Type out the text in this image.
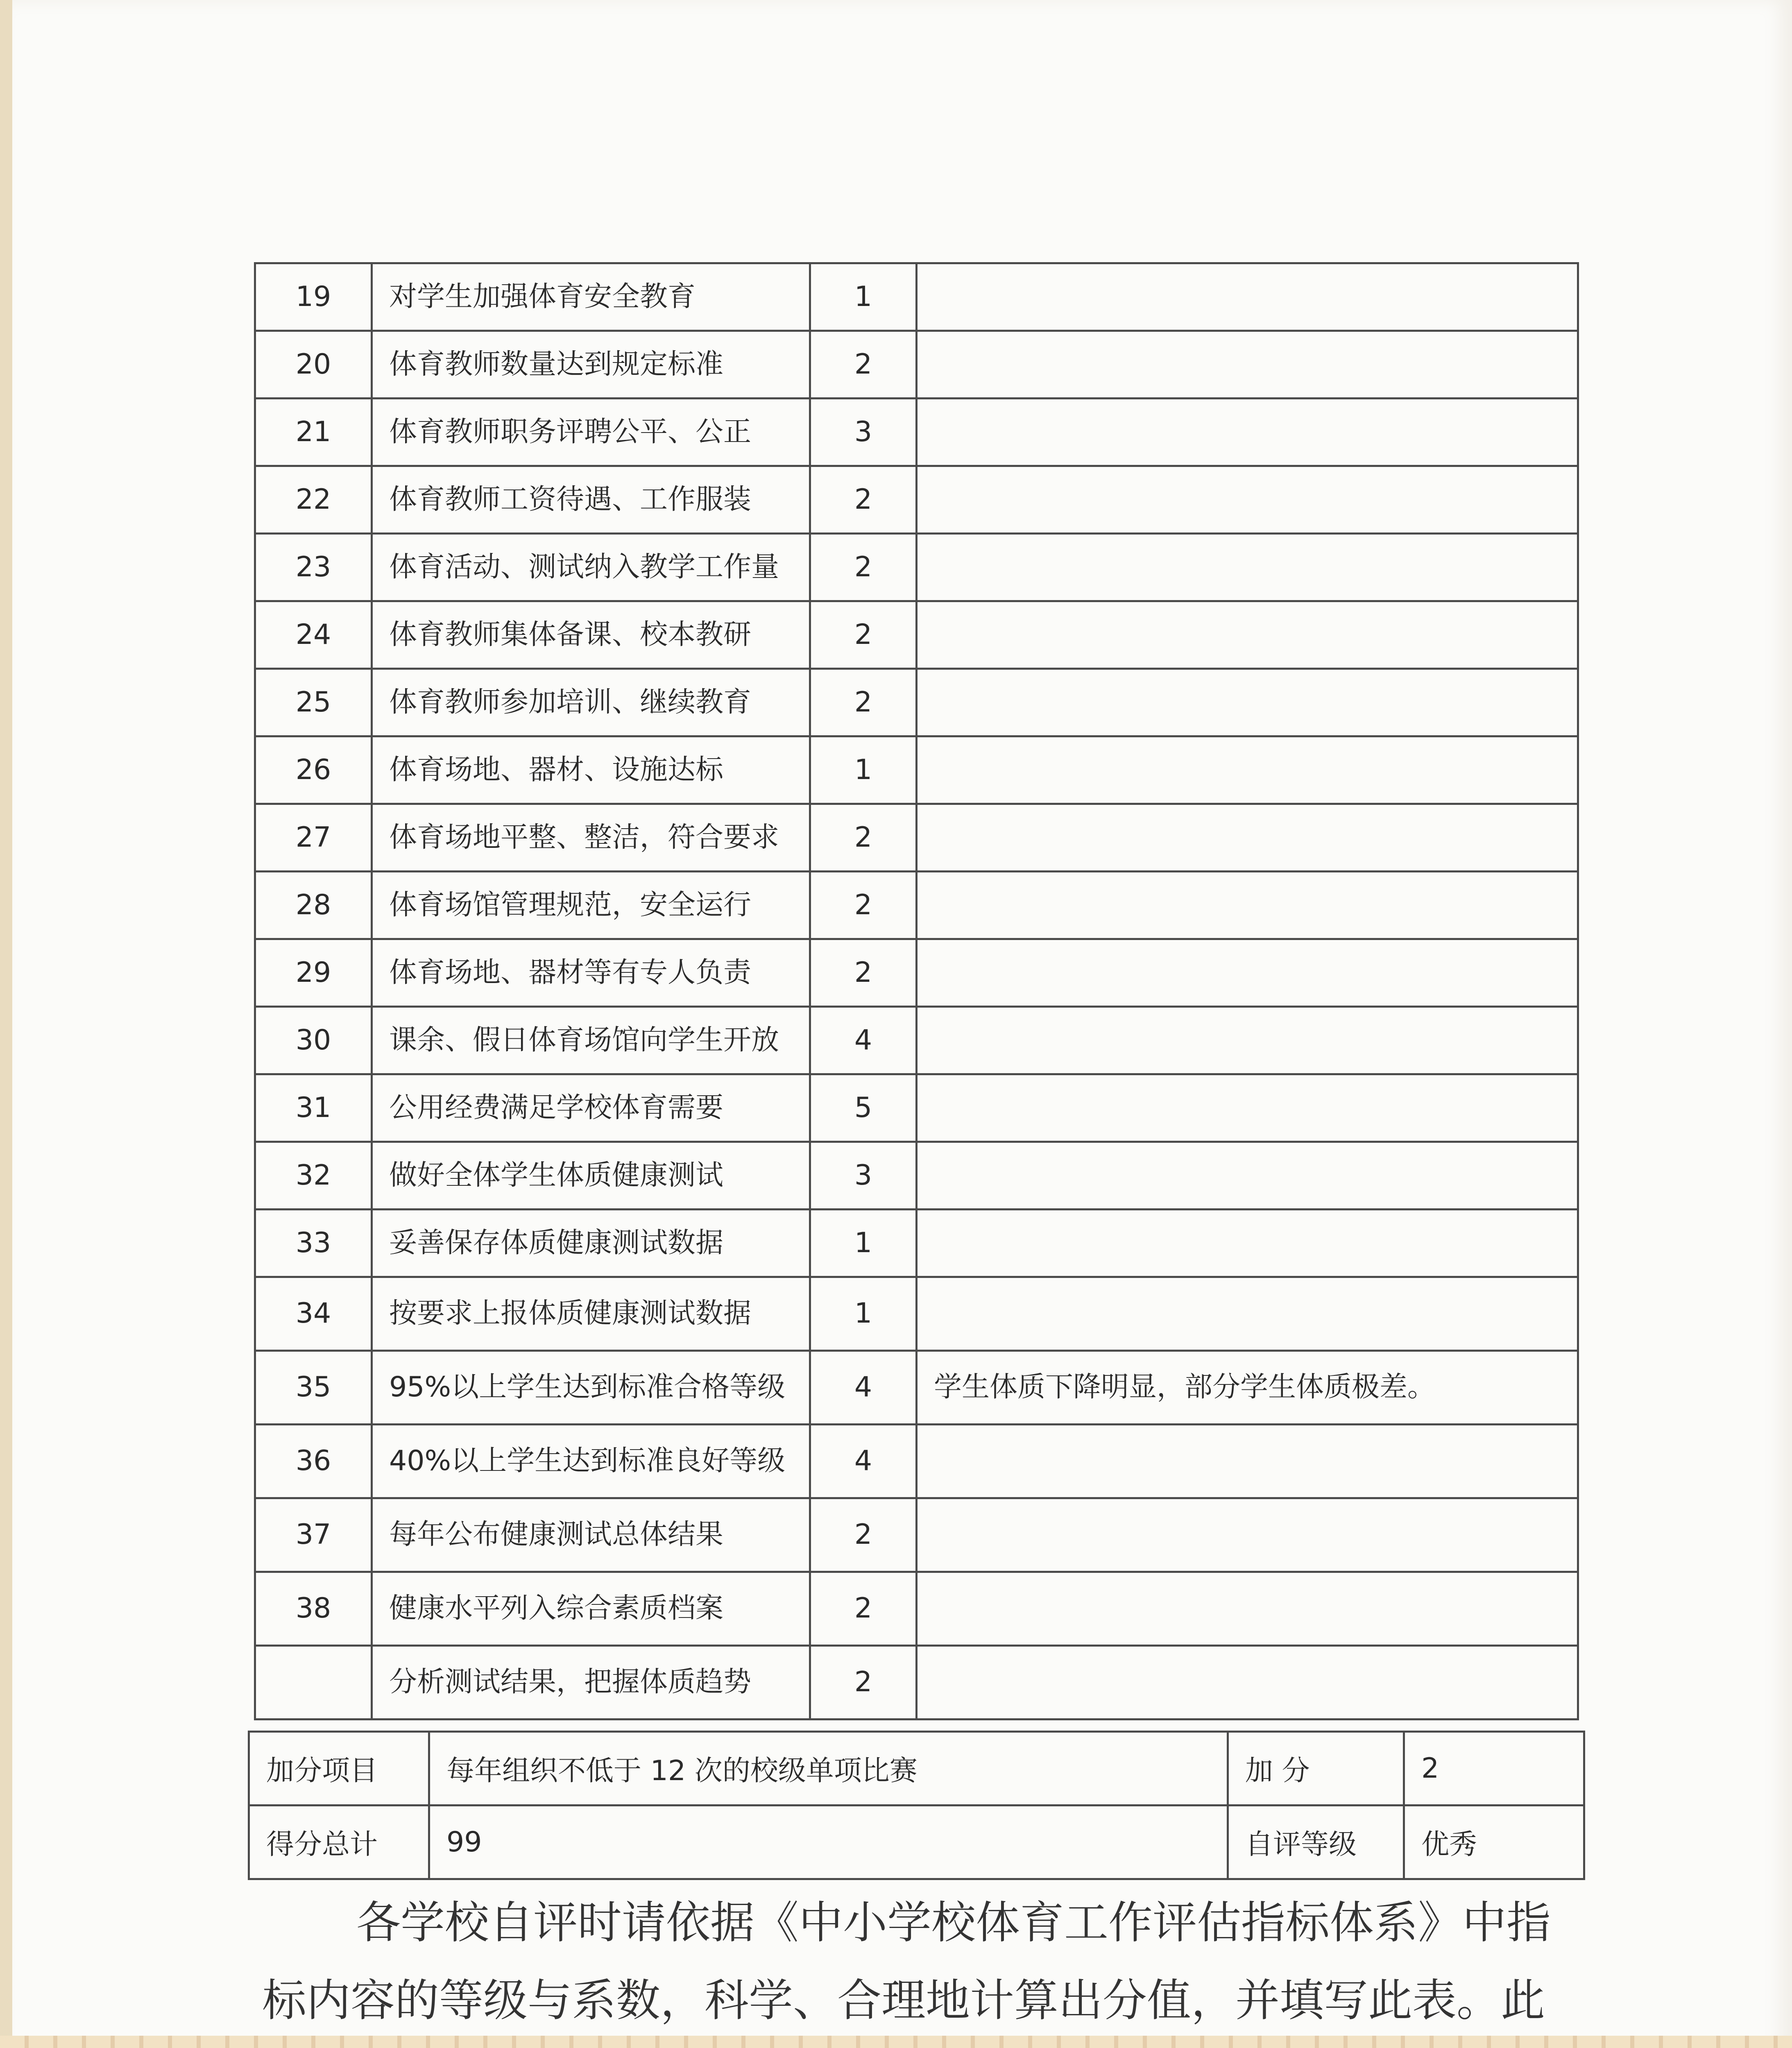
19	对学生加强体育安全教育	1	
20	体育教师数量达到规定标准	2	
21	体育教师职务评聘公平、公正	3	
22	体育教师工资待遇、工作服装	2	
23	体育活动、测试纳入教学工作量	2	
24	体育教师集体备课、校本教研	2	
25	体育教师参加培训、继续教育	2	
26	体育场地、器材、设施达标	1	
27	体育场地平整、整洁，符合要求	2	
28	体育场馆管理规范，安全运行	2	
29	体育场地、器材等有专人负责	2	
30	课余、假日体育场馆向学生开放	4	
31	公用经费满足学校体育需要	5	
32	做好全体学生体质健康测试	3	
33	妥善保存体质健康测试数据	1	
34	按要求上报体质健康测试数据	1	
35	95%以上学生达到标准合格等级	4	学生体质下降明显，部分学生体质极差。
36	40%以上学生达到标准良好等级	4	
37	每年公布健康测试总体结果	2	
38	健康水平列入综合素质档案	2	
	分析测试结果，把握体质趋势	2	
加分项目	每年组织不低于 12 次的校级单项比赛	加 分	2
得分总计	99	自评等级	优秀
各学校自评时请依据《中小学校体育工作评估指标体系》中指标内容的等级与系数，科学、合理地计算出分值，并填写此表。此
